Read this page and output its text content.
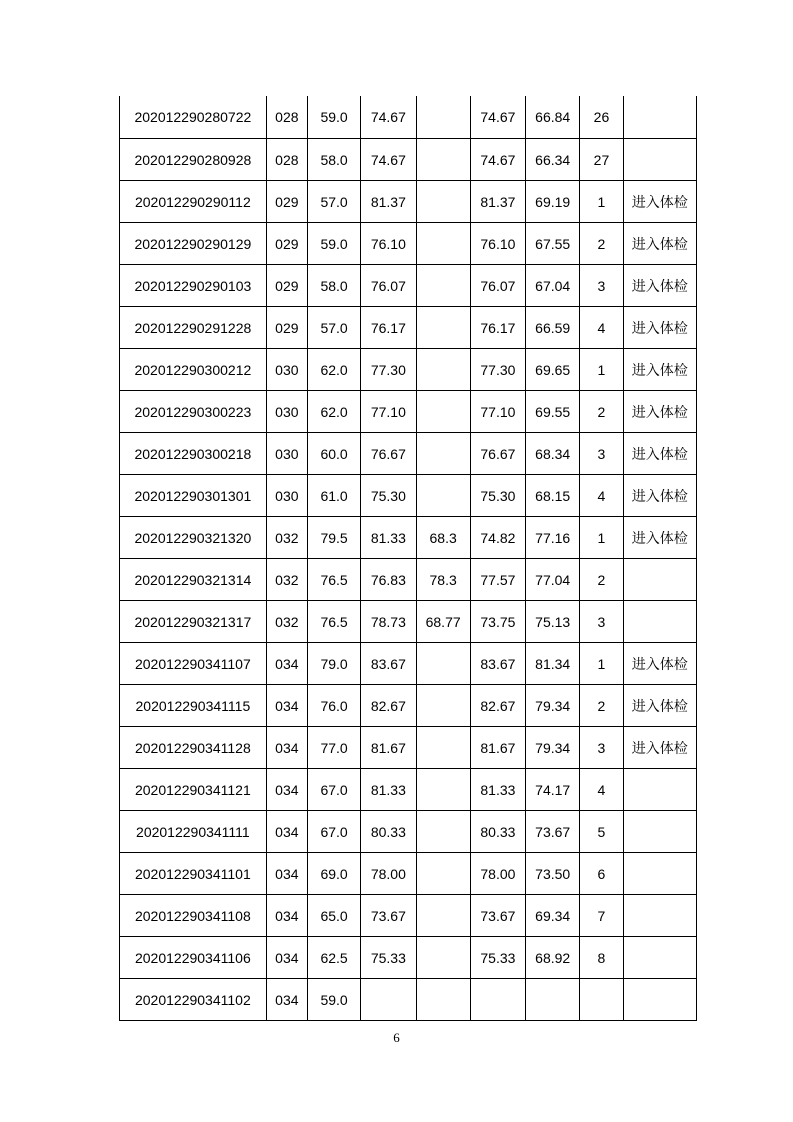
202012290280722	028	59.0	74.67		74.67	66.84	26	
202012290280928	028	58.0	74.67		74.67	66.34	27	
202012290290112	029	57.0	81.37		81.37	69.19	1	进入体检
202012290290129	029	59.0	76.10		76.10	67.55	2	进入体检
202012290290103	029	58.0	76.07		76.07	67.04	3	进入体检
202012290291228	029	57.0	76.17		76.17	66.59	4	进入体检
202012290300212	030	62.0	77.30		77.30	69.65	1	进入体检
202012290300223	030	62.0	77.10		77.10	69.55	2	进入体检
202012290300218	030	60.0	76.67		76.67	68.34	3	进入体检
202012290301301	030	61.0	75.30		75.30	68.15	4	进入体检
202012290321320	032	79.5	81.33	68.3	74.82	77.16	1	进入体检
202012290321314	032	76.5	76.83	78.3	77.57	77.04	2	
202012290321317	032	76.5	78.73	68.77	73.75	75.13	3	
202012290341107	034	79.0	83.67		83.67	81.34	1	进入体检
202012290341115	034	76.0	82.67		82.67	79.34	2	进入体检
202012290341128	034	77.0	81.67		81.67	79.34	3	进入体检
202012290341121	034	67.0	81.33		81.33	74.17	4	
202012290341111	034	67.0	80.33		80.33	73.67	5	
202012290341101	034	69.0	78.00		78.00	73.50	6	
202012290341108	034	65.0	73.67		73.67	69.34	7	
202012290341106	034	62.5	75.33		75.33	68.92	8	
202012290341102	034	59.0						
6
